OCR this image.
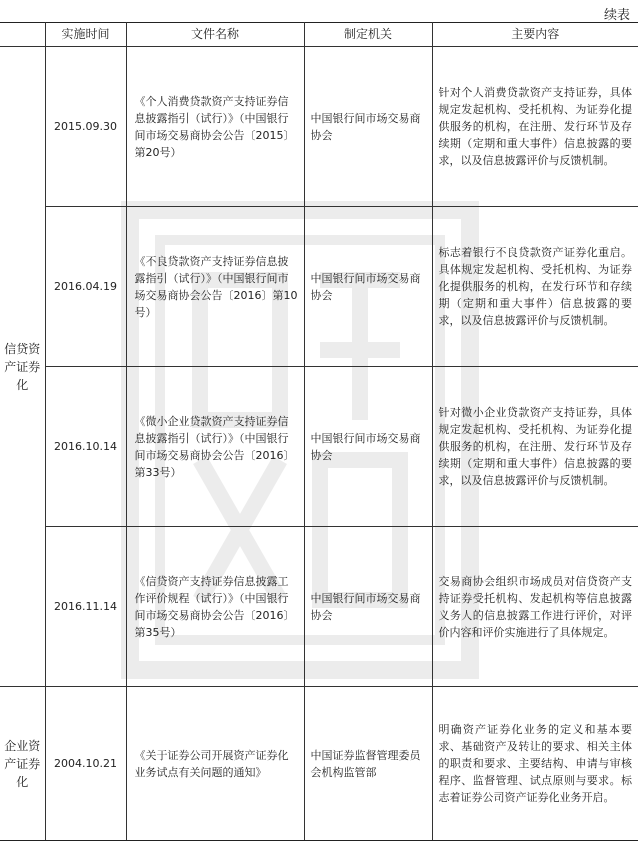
续表
	实施时间	文件名称	制定机关	主要内容
信贷资产证券化	2015.09.30	《个人消费贷款资产支持证券信息披露指引（试行）》（中国银行间市场交易商协会公告〔2015〕第20号）	中国银行间市场交易商协会	针对个人消费贷款资产支持证券，具体规定发起机构、受托机构、为证券化提供服务的机构，在注册、发行环节及存续期（定期和重大事件）信息披露的要求，以及信息披露评价与反馈机制。
	2016.04.19	《不良贷款资产支持证券信息披露指引（试行）》（中国银行间市场交易商协会公告〔2016〕第10号）	中国银行间市场交易商协会	标志着银行不良贷款资产证券化重启。具体规定发起机构、受托机构、为证券化提供服务的机构，在发行环节和存续期（定期和重大事件）信息披露的要求，以及信息披露评价与反馈机制。
	2016.10.14	《微小企业贷款资产支持证券信息披露指引（试行）》（中国银行间市场交易商协会公告〔2016〕第33号）	中国银行间市场交易商协会	针对微小企业贷款资产支持证券，具体规定发起机构、受托机构、为证券化提供服务的机构，在注册、发行环节及存续期（定期和重大事件）信息披露的要求，以及信息披露评价与反馈机制。
	2016.11.14	《信贷资产支持证券信息披露工作评价规程（试行）》（中国银行间市场交易商协会公告〔2016〕第35号）	中国银行间市场交易商协会	交易商协会组织市场成员对信贷资产支持证券受托机构、发起机构等信息披露义务人的信息披露工作进行评价，对评价内容和评价实施进行了具体规定。
企业资产证券化	2004.10.21	《关于证券公司开展资产证券化业务试点有关问题的通知》	中国证券监督管理委员会机构监管部	明确资产证券化业务的定义和基本要求、基础资产及转让的要求、相关主体的职责和要求、主要结构、申请与审核程序、监督管理、试点原则与要求。标志着证券公司资产证券化业务开启。
